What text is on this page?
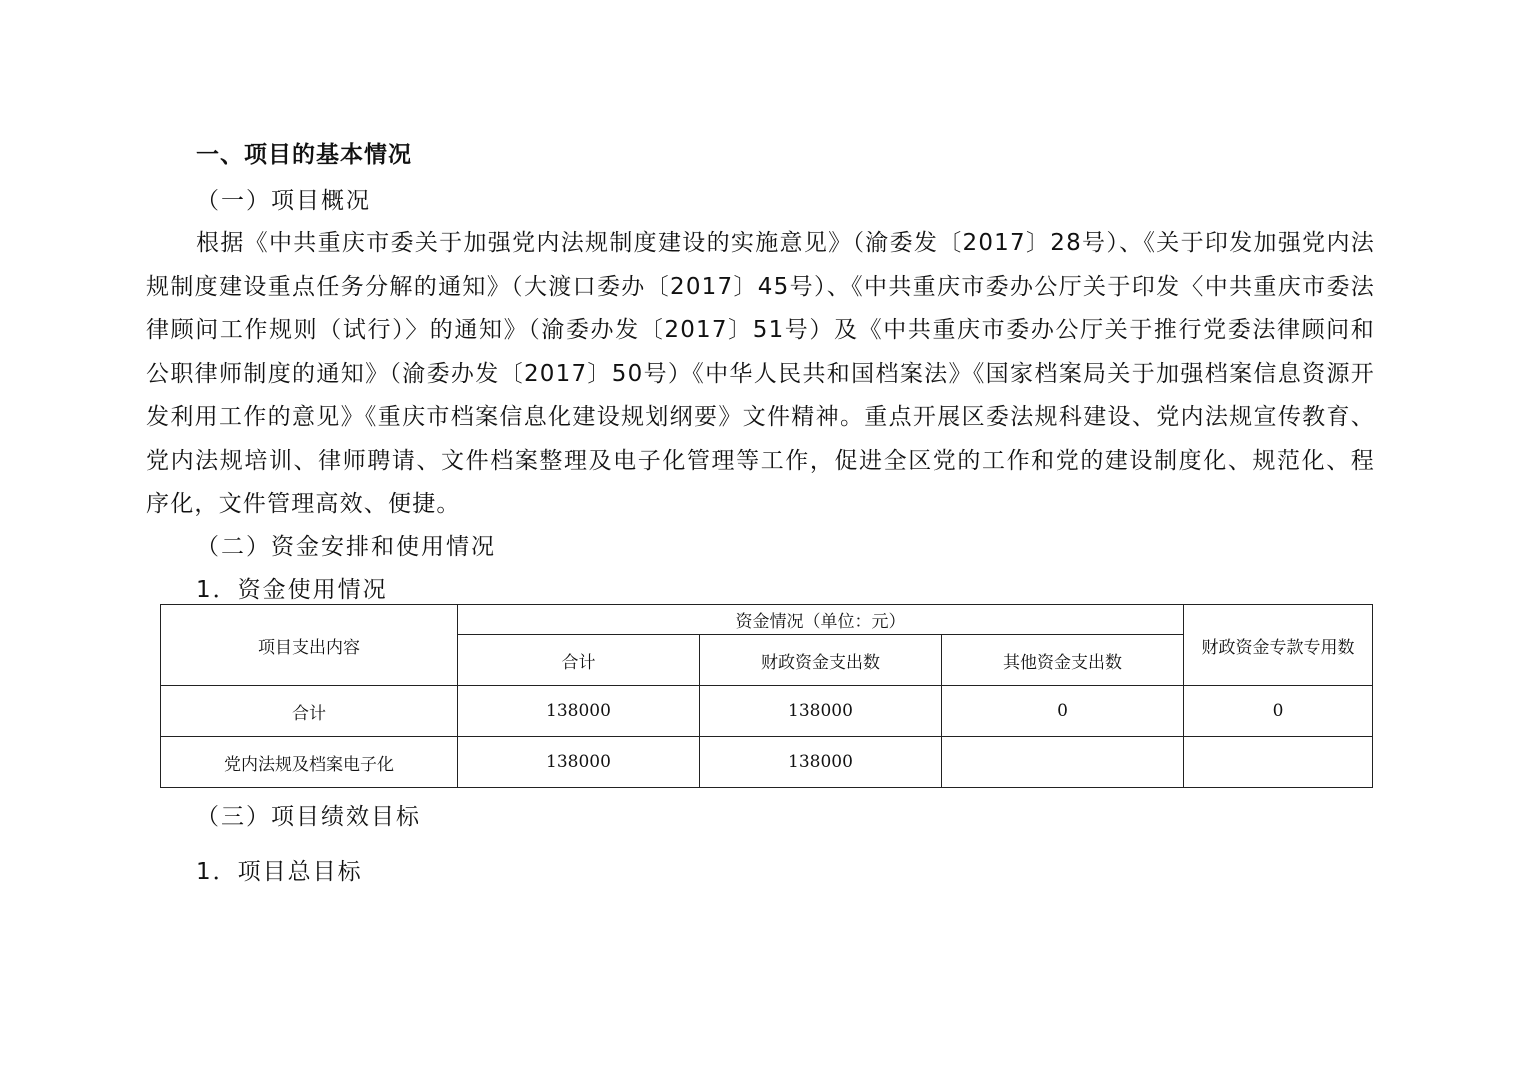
一、项目的基本情况
（一）项目概况
根据《中共重庆市委关于加强党内法规制度建设的实施意见》（渝委发〔2017〕28号）、《关于印发加强党内法规制度建设重点任务分解的通知》（大渡口委办〔2017〕45号）、《中共重庆市委办公厅关于印发〈中共重庆市委法律顾问工作规则（试行）〉的通知》（渝委办发〔2017〕51号）及《中共重庆市委办公厅关于推行党委法律顾问和公职律师制度的通知》（渝委办发〔2017〕50号）《中华人民共和国档案法》《国家档案局关于加强档案信息资源开发利用工作的意见》《重庆市档案信息化建设规划纲要》文件精神。重点开展区委法规科建设、党内法规宣传教育、党内法规培训、律师聘请、文件档案整理及电子化管理等工作，促进全区党的工作和党的建设制度化、规范化、程序化，文件管理高效、便捷。
（二）资金安排和使用情况
1．资金使用情况
项目支出内容	资金情况（单位：元）			财政资金专款专用数
	合计	财政资金支出数	其他资金支出数	
合计	138000	138000	0	0
党内法规及档案电子化	138000	138000		
（三）项目绩效目标
1．项目总目标
